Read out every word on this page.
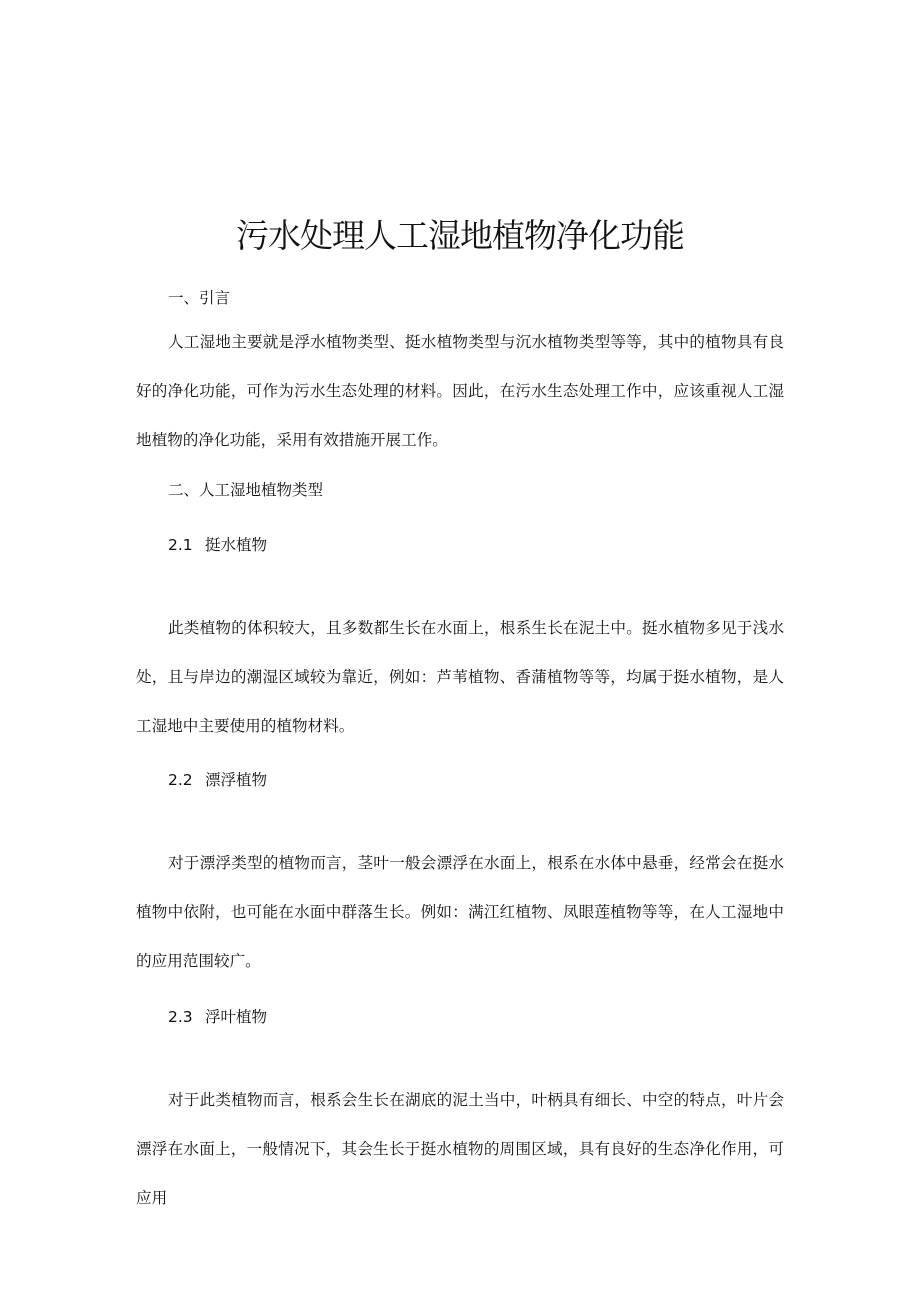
污水处理人工湿地植物净化功能

一、引言

人工湿地主要就是浮水植物类型、挺水植物类型与沉水植物类型等等，其中的植物具有良好的净化功能，可作为污水生态处理的材料。因此，在污水生态处理工作中，应该重视人工湿地植物的净化功能，采用有效措施开展工作。

二、人工湿地植物类型

2.1 挺水植物

此类植物的体积较大，且多数都生长在水面上，根系生长在泥土中。挺水植物多见于浅水处，且与岸边的潮湿区域较为靠近，例如：芦苇植物、香蒲植物等等，均属于挺水植物，是人工湿地中主要使用的植物材料。

2.2 漂浮植物

对于漂浮类型的植物而言，茎叶一般会漂浮在水面上，根系在水体中悬垂，经常会在挺水植物中依附，也可能在水面中群落生长。例如：满江红植物、凤眼莲植物等等，在人工湿地中的应用范围较广。

2.3 浮叶植物

对于此类植物而言，根系会生长在湖底的泥土当中，叶柄具有细长、中空的特点，叶片会漂浮在水面上，一般情况下，其会生长于挺水植物的周围区域，具有良好的生态净化作用，可应用
